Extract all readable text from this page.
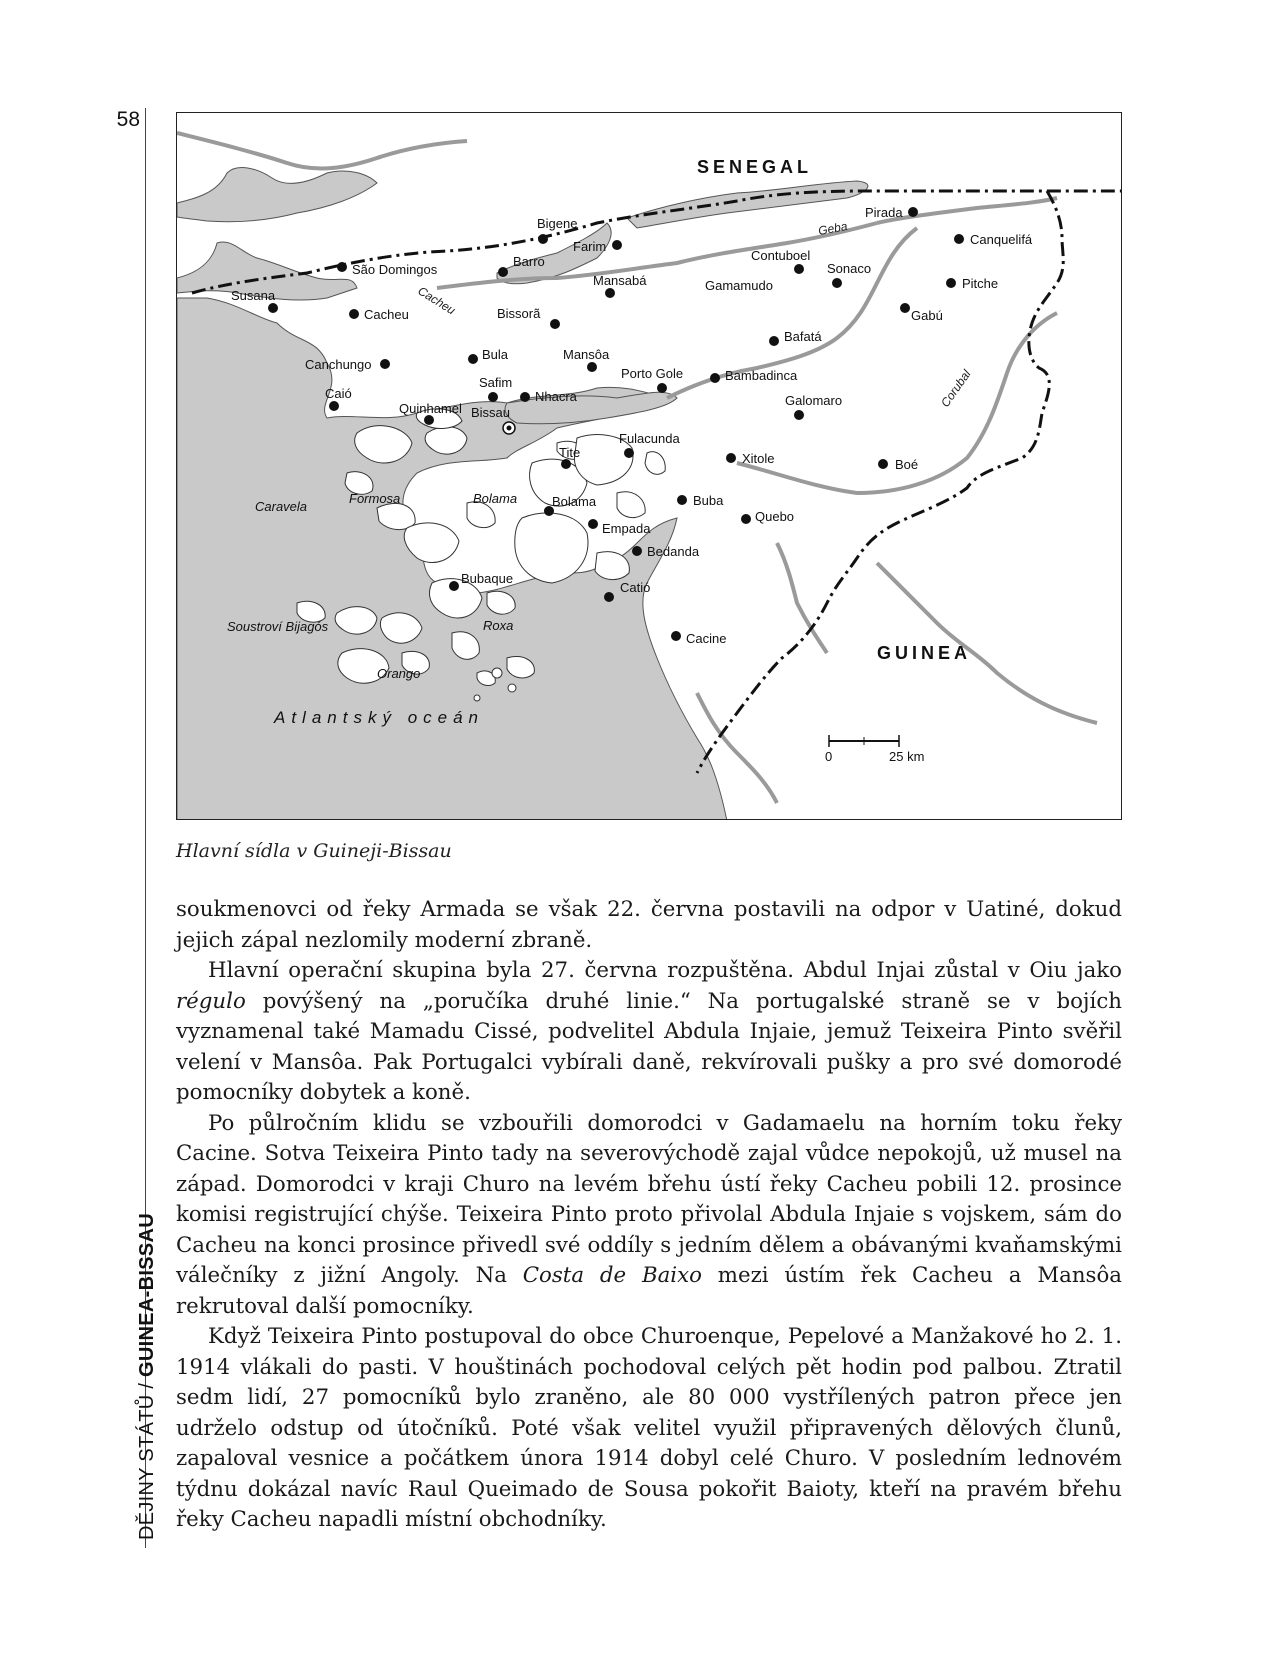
58
DĚJINY STÁTŮ / GUINEA-BISSAU
SENEGAL
GUINEA
Atlantský oceán
Geba
Cacheu
Corubal
Caravela
Formosa	Bolama
Roxa
Orango
Soustroví Bijagós
Bigene
Farim
São Domingos
Barro
Susana
Cacheu
Mansabá
Bissorã
Pirada
Canquelifá
Contuboel
Sonaco
Gamamudo	Pitche
Gabú
Bafatá
Canchungo
Bula	Mansôa
Porto Gole	Bambadinca
Caió
Safim
Nhacra
Quinhamel Bissau
Galomaro
Fulacunda
Tite	Xitole	Boé
Buba
Bolama
Empada
Quebo
Bedanda
Bubaque
Catió
Cacine
0	25 km
Hlavní sídla v Guineji-Bissau

soukmenovci od řeky Armada se však 22. června postavili na odpor v Uatiné, dokud jejich zápal nezlomily moderní zbraně.

Hlavní operační skupina byla 27. června rozpuštěna. Abdul Injai zůstal v Oiu jako régulo povýšený na „poručíka druhé linie.“ Na portugalské straně se v bojích vyznamenal také Mamadu Cissé, podvelitel Abdula Injaie, jemuž Teixeira Pinto svěřil velení v Mansôa. Pak Portugalci vybírali daně, rekvírovali pušky a pro své domorodé pomocníky dobytek a koně.

Po půlročním klidu se vzbouřili domorodci v Gadamaelu na horním toku řeky Cacine. Sotva Teixeira Pinto tady na severovýchodě zajal vůdce nepokojů, už musel na západ. Domorodci v kraji Churo na levém břehu ústí řeky Cacheu pobili 12. prosince komisi registrující chýše. Teixeira Pinto proto přivolal Abdula Injaie s vojskem, sám do Cacheu na konci prosince přivedl své oddíly s jedním dělem a obávanými kvaňamskými válečníky z jižní Angoly. Na Costa de Baixo mezi ústím řek Cacheu a Mansôa rekrutoval další pomocníky.

Když Teixeira Pinto postupoval do obce Churoenque, Pepelové a Manžakové ho 2. 1. 1914 vlákali do pasti. V houštinách pochodoval celých pět hodin pod palbou. Ztratil sedm lidí, 27 pomocníků bylo zraněno, ale 80 000 vystřílených patron přece jen udrželo odstup od útočníků. Poté však velitel využil připravených dělových člunů, zapaloval vesnice a počátkem února 1914 dobyl celé Churo. V posledním lednovém týdnu dokázal navíc Raul Queimado de Sousa pokořit Baioty, kteří na pravém břehu řeky Cacheu napadli místní obchodníky.
